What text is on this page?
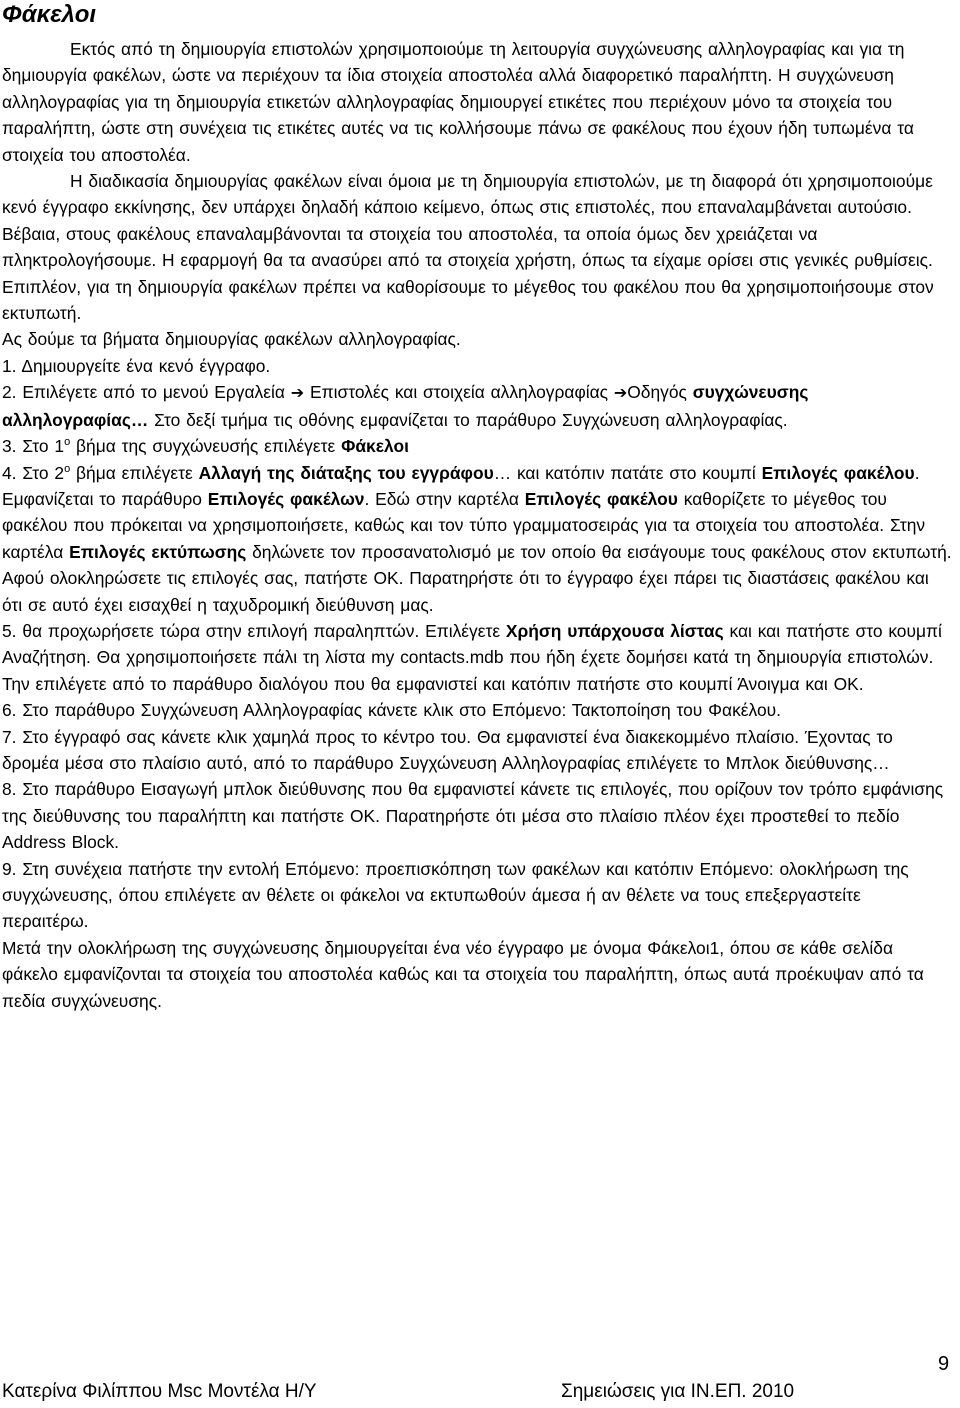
Φάκελοι

Εκτός από τη δημιουργία επιστολών χρησιμοποιούμε τη λειτουργία συγχώνευσης αλληλογραφίας και για τη δημιουργία φακέλων, ώστε να περιέχουν τα ίδια στοιχεία αποστολέα αλλά διαφορετικό παραλήπτη. Η συγχώνευση αλληλογραφίας για τη δημιουργία ετικετών αλληλογραφίας δημιουργεί ετικέτες που περιέχουν μόνο τα στοιχεία του παραλήπτη, ώστε στη συνέχεια τις ετικέτες αυτές να τις κολλήσουμε πάνω σε φακέλους που έχουν ήδη τυπωμένα τα στοιχεία του αποστολέα.

Η διαδικασία δημιουργίας φακέλων είναι όμοια με τη δημιουργία επιστολών, με τη διαφορά ότι χρησιμοποιούμε κενό έγγραφο εκκίνησης, δεν υπάρχει δηλαδή κάποιο κείμενο, όπως στις επιστολές, που επαναλαμβάνεται αυτούσιο. Βέβαια, στους φακέλους επαναλαμβάνονται τα στοιχεία του αποστολέα, τα οποία όμως δεν χρειάζεται να πληκτρολογήσουμε. Η εφαρμογή θα τα ανασύρει από τα στοιχεία χρήστη, όπως τα είχαμε ορίσει στις γενικές ρυθμίσεις.

Επιπλέον, για τη δημιουργία φακέλων πρέπει να καθορίσουμε το μέγεθος του φακέλου που θα χρησιμοποιήσουμε στον εκτυπωτή.

Ας δούμε τα βήματα δημιουργίας φακέλων αλληλογραφίας.

1. Δημιουργείτε ένα κενό έγγραφο.

2. Επιλέγετε από το μενού Εργαλεία ➔ Επιστολές και στοιχεία αλληλογραφίας ➔Οδηγός συγχώνευσης αλληλογραφίας… Στο δεξί τμήμα τις οθόνης εμφανίζεται το παράθυρο Συγχώνευση αλληλογραφίας.

3. Στο $1^o$ βήμα της συγχώνευσής επιλέγετε Φάκελοι

4. Στο $2^o$ βήμα επιλέγετε Αλλαγή της διάταξης του εγγράφου… και κατόπιν πατάτε στο κουμπί Επιλογές φακέλου. Εμφανίζεται το παράθυρο Επιλογές φακέλων. Εδώ στην καρτέλα Επιλογές φακέλου καθορίζετε το μέγεθος του φακέλου που πρόκειται να χρησιμοποιήσετε, καθώς και τον τύπο γραμματοσειράς για τα στοιχεία του αποστολέα. Στην καρτέλα Επιλογές εκτύπωσης δηλώνετε τον προσανατολισμό με τον οποίο θα εισάγουμε τους φακέλους στον εκτυπωτή. Αφού ολοκληρώσετε τις επιλογές σας, πατήστε ΟΚ. Παρατηρήστε ότι το έγγραφο έχει πάρει τις διαστάσεις φακέλου και ότι σε αυτό έχει εισαχθεί η ταχυδρομική διεύθυνση μας.

5. θα προχωρήσετε τώρα στην επιλογή παραληπτών. Επιλέγετε Χρήση υπάρχουσα λίστας και και πατήστε στο κουμπί Αναζήτηση. Θα χρησιμοποιήσετε πάλι τη λίστα my contacts.mdb που ήδη έχετε δομήσει κατά τη δημιουργία επιστολών. Την επιλέγετε από το παράθυρο διαλόγου που θα εμφανιστεί και κατόπιν πατήστε στο κουμπί Άνοιγμα και ΟΚ.

6. Στο παράθυρο Συγχώνευση Αλληλογραφίας κάνετε κλικ στο Επόμενο: Τακτοποίηση του Φακέλου.

7. Στο έγγραφό σας κάνετε κλικ χαμηλά προς το κέντρο του. Θα εμφανιστεί ένα διακεκομμένο πλαίσιο. Έχοντας το δρομέα μέσα στο πλαίσιο αυτό, από το παράθυρο Συγχώνευση Αλληλογραφίας επιλέγετε το Μπλοκ διεύθυνσης…

8. Στο παράθυρο Εισαγωγή μπλοκ διεύθυνσης που θα εμφανιστεί κάνετε τις επιλογές, που ορίζουν τον τρόπο εμφάνισης της διεύθυνσης του παραλήπτη και πατήστε ΟΚ. Παρατηρήστε ότι μέσα στο πλαίσιο πλέον έχει προστεθεί το πεδίο Address Block.

9. Στη συνέχεια πατήστε την εντολή Επόμενο: προεπισκόπηση των φακέλων και κατόπιν Επόμενο: ολοκλήρωση της συγχώνευσης, όπου επιλέγετε αν θέλετε οι φάκελοι να εκτυπωθούν άμεσα ή αν θέλετε να τους επεξεργαστείτε περαιτέρω.

Μετά την ολοκλήρωση της συγχώνευσης δημιουργείται ένα νέο έγγραφο με όνομα Φάκελοι1, όπου σε κάθε σελίδα φάκελο εμφανίζονται τα στοιχεία του αποστολέα καθώς και τα στοιχεία του παραλήπτη, όπως αυτά προέκυψαν από τα πεδία συγχώνευσης.

9
Κατερίνα Φιλίππου Msc Μοντέλα Η/Υ	Σημειώσεις για ΙΝ.ΕΠ. 2010
